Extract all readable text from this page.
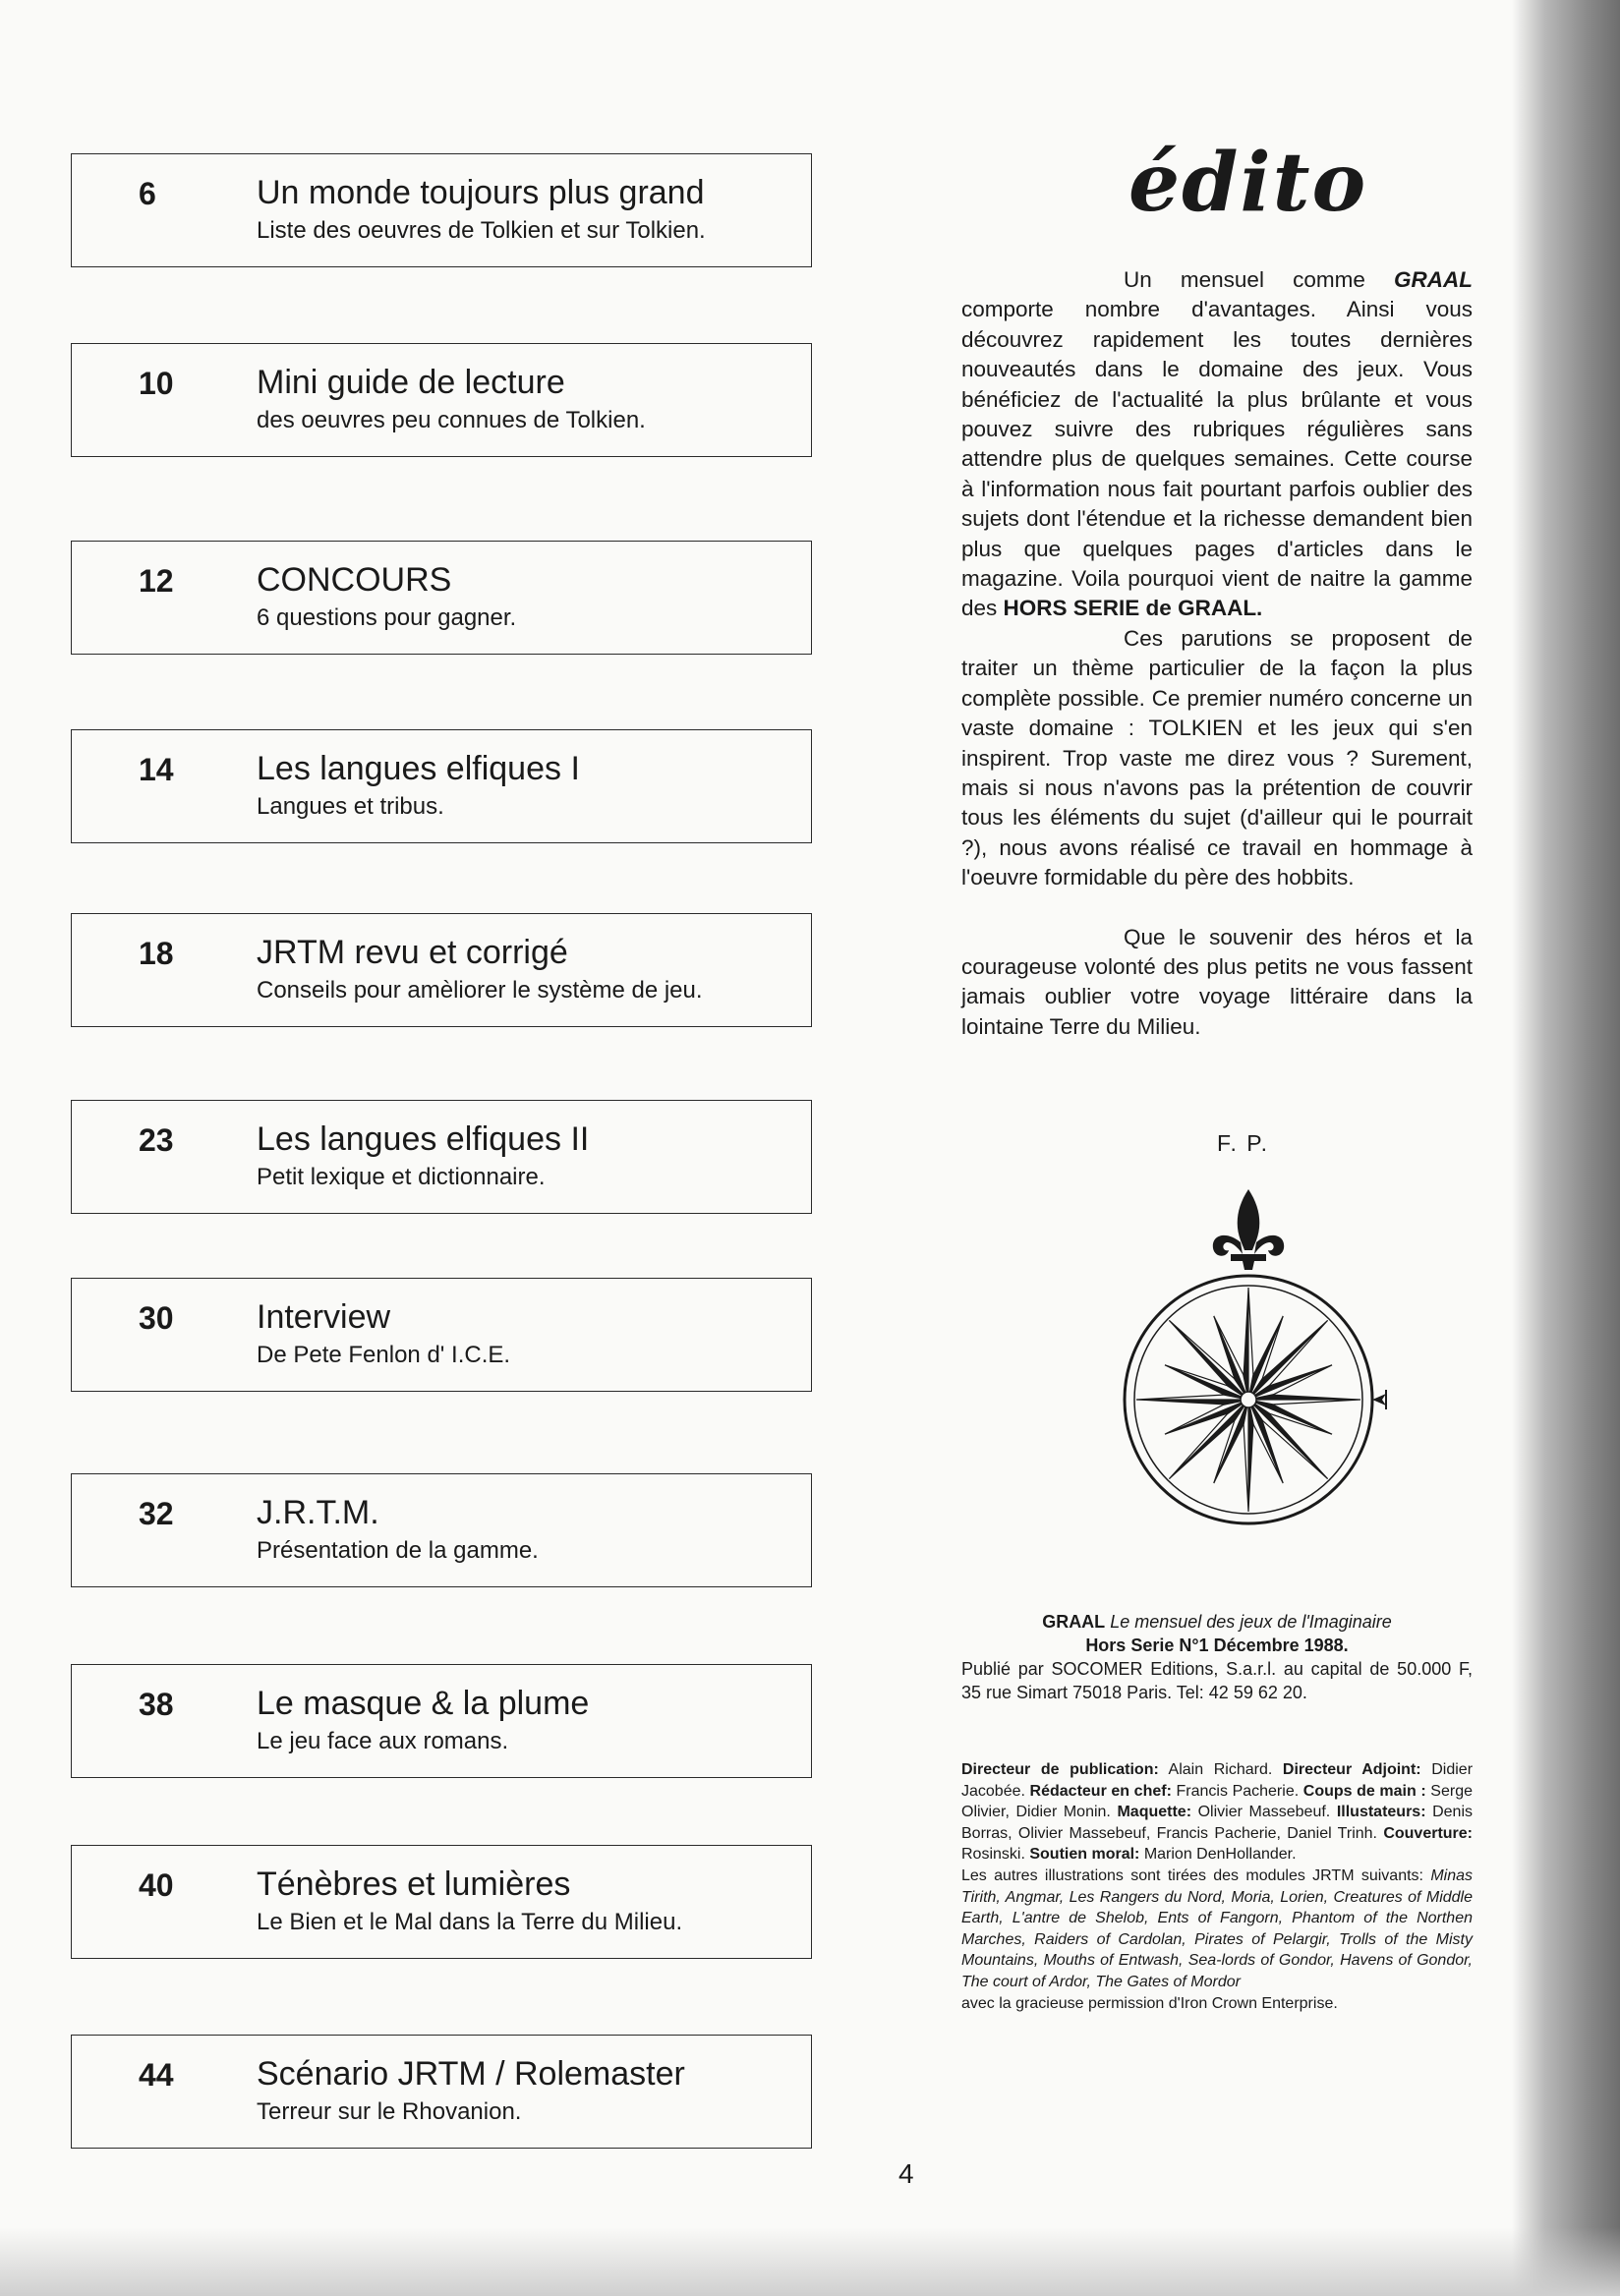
6	Un monde toujours plus grand
Liste des oeuvres de Tolkien et sur Tolkien.
10	Mini guide de lecture
des oeuvres peu connues de Tolkien.
12	CONCOURS
6 questions pour gagner.
14	Les langues elfiques I
Langues et tribus.
18	JRTM revu et corrigé
Conseils pour amèliorer le système de jeu.
23	Les langues elfiques II
Petit lexique et dictionnaire.
30	Interview
De Pete Fenlon d' I.C.E.
32	J.R.T.M.
Présentation de la gamme.
38	Le masque & la plume
Le jeu face aux romans.
40	Ténèbres et lumières
Le Bien et le Mal dans la Terre du Milieu.
44	Scénario JRTM / Rolemaster
Terreur sur le Rhovanion.
édito

Un mensuel comme GRAAL comporte nombre d'avantages. Ainsi vous découvrez rapidement les toutes dernières nouveautés dans le domaine des jeux. Vous bénéficiez de l'actualité la plus brûlante et vous pouvez suivre des rubriques régulières sans attendre plus de quelques semaines. Cette course à l'information nous fait pourtant parfois oublier des sujets dont l'étendue et la richesse demandent bien plus que quelques pages d'articles dans le magazine. Voila pourquoi vient de naitre la gamme des HORS SERIE de GRAAL.

Ces parutions se proposent de traiter un thème particulier de la façon la plus complète possible. Ce premier numéro concerne un vaste domaine : TOLKIEN et les jeux qui s'en inspirent. Trop vaste me direz vous ? Surement, mais si nous n'avons pas la prétention de couvrir tous les éléments du sujet (d'ailleur qui le pourrait ?), nous avons réalisé ce travail en hommage à l'oeuvre formidable du père des hobbits.

Que le souvenir des héros et la courageuse volonté des plus petits ne vous fassent jamais oublier votre voyage littéraire dans la lointaine Terre du Milieu.

F. P.
GRAAL Le mensuel des jeux de l'Imaginaire
Hors Serie N°1 Décembre 1988.
Publié par SOCOMER Editions, S.a.r.l. au capital de 50.000 F, 35 rue Simart 75018 Paris. Tel: 42 59 62 20.
Directeur de publication: Alain Richard. Directeur Adjoint: Didier Jacobée. Rédacteur en chef: Francis Pacherie. Coups de main : Serge Olivier, Didier Monin. Maquette: Olivier Massebeuf. Illustateurs: Denis Borras, Olivier Massebeuf, Francis Pacherie, Daniel Trinh. Couverture: Rosinski. Soutien moral: Marion DenHollander.
Les autres illustrations sont tirées des modules JRTM suivants: Minas Tirith, Angmar, Les Rangers du Nord, Moria, Lorien, Creatures of Middle Earth, L'antre de Shelob, Ents of Fangorn, Phantom of the Northen Marches, Raiders of Cardolan, Pirates of Pelargir, Trolls of the Misty Mountains, Mouths of Entwash, Sea-lords of Gondor, Havens of Gondor, The court of Ardor, The Gates of Mordor
avec la gracieuse permission d'Iron Crown Enterprise.
4
